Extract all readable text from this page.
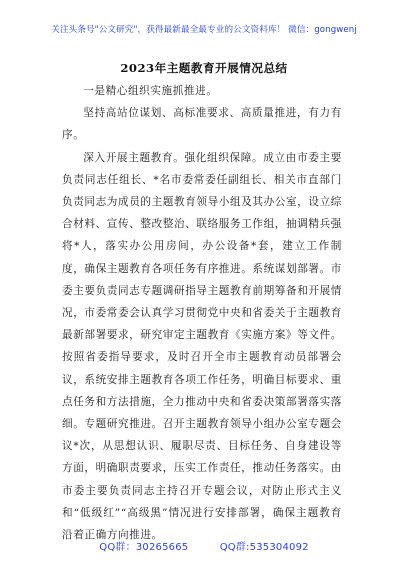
关注头条号"公文研究"，获得最新最全最专业的公文资料库！ 微信：gongwenj
2023年主题教育开展情况总结

一是精心组织实施抓推进。

坚持高站位谋划、高标准要求、高质量推进，有力有序。

深入开展主题教育。强化组织保障。成立由市委主要负责同志任组长、*名市委常委任副组长、相关市直部门负责同志为成员的主题教育领导小组及其办公室，设立综合材料、宣传、整改整治、联络服务工作组，抽调精兵强将*人，落实办公用房间，办公设备*套，建立工作制度，确保主题教育各项任务有序推进。系统谋划部署。市委主要负责同志专题调研指导主题教育前期筹备和开展情况，市委常委会认真学习贯彻党中央和省委关于主题教育最新部署要求，研究审定主题教育《实施方案》等文件。按照省委指导要求，及时召开全市主题教育动员部署会议，系统安排主题教育各项工作任务，明确目标要求、重点任务和方法措施，全力推动中央和省委决策部署落实落细。专题研究推进。召开主题教育领导小组办公室专题会议*次，从思想认识、履职尽责、目标任务、自身建设等方面，明确职责要求，压实工作责任，推动任务落实。由市委主要负责同志主持召开专题会议，对防止形式主义和“低级红”“高级黑”情况进行安排部署，确保主题教育沿着正确方向推进。

QQ群：30265665	QQ群:535304092
